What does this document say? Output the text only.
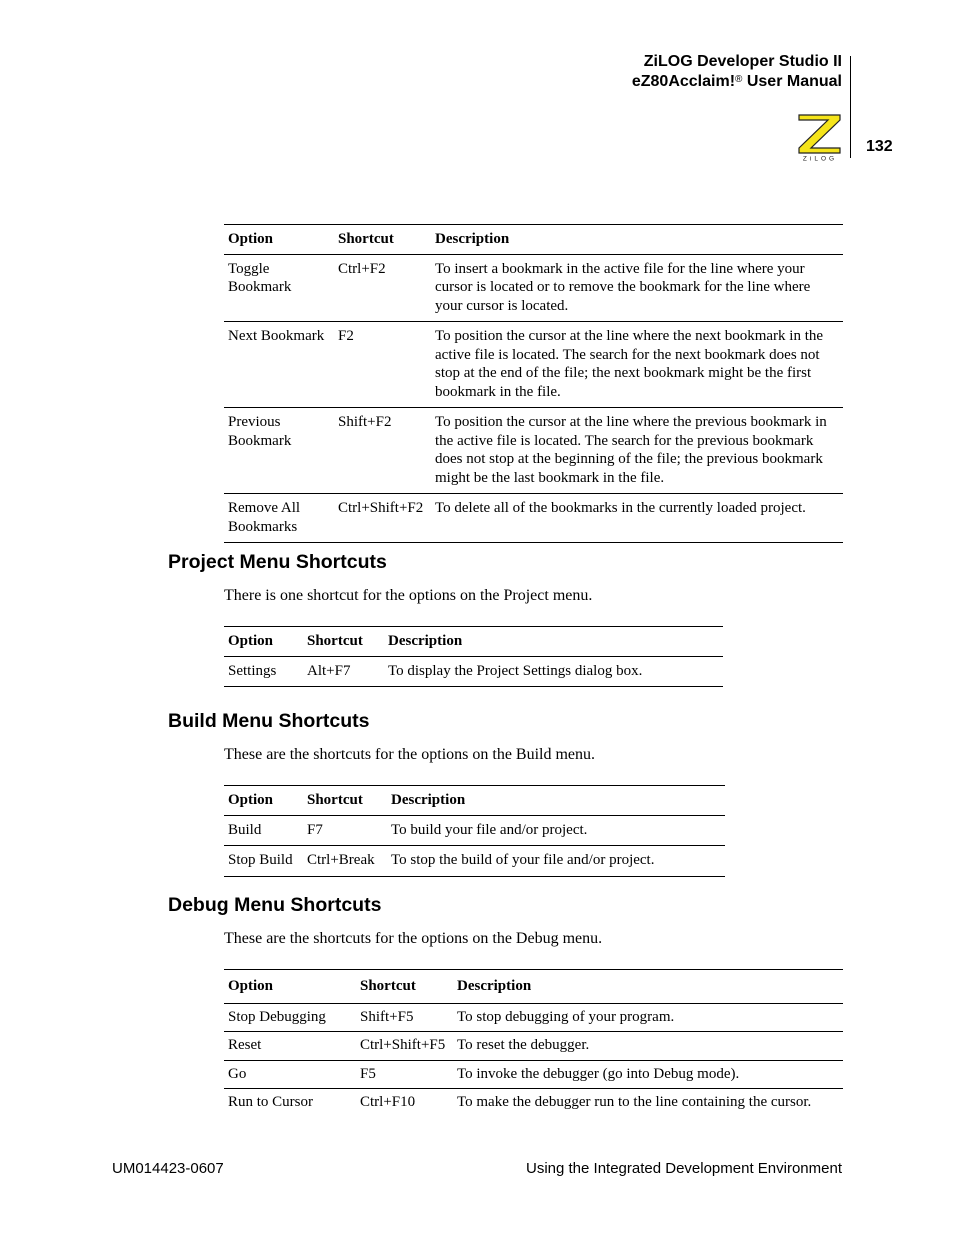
ZiLOG Developer Studio II
eZ80Acclaim!® User Manual
132
ZiLOG
Option	Shortcut	Description
Toggle Bookmark	Ctrl+F2	To insert a bookmark in the active file for the line where your cursor is located or to remove the bookmark for the line where your cursor is located.
Next Bookmark	F2	To position the cursor at the line where the next bookmark in the active file is located. The search for the next bookmark does not stop at the end of the file; the next bookmark might be the first bookmark in the file.
Previous Bookmark	Shift+F2	To position the cursor at the line where the previous bookmark in the active file is located. The search for the previous bookmark does not stop at the beginning of the file; the previous bookmark might be the last bookmark in the file.
Remove All Bookmarks	Ctrl+Shift+F2	To delete all of the bookmarks in the currently loaded project.
Project Menu Shortcuts
There is one shortcut for the options on the Project menu.
Option	Shortcut	Description
Settings	Alt+F7	To display the Project Settings dialog box.
Build Menu Shortcuts
These are the shortcuts for the options on the Build menu.
Option	Shortcut	Description
Build	F7	To build your file and/or project.
Stop Build	Ctrl+Break	To stop the build of your file and/or project.
Debug Menu Shortcuts
These are the shortcuts for the options on the Debug menu.
Option	Shortcut	Description
Stop Debugging	Shift+F5	To stop debugging of your program.
Reset	Ctrl+Shift+F5	To reset the debugger.
Go	F5	To invoke the debugger (go into Debug mode).
Run to Cursor	Ctrl+F10	To make the debugger run to the line containing the cursor.
UM014423-0607	Using the Integrated Development Environment
